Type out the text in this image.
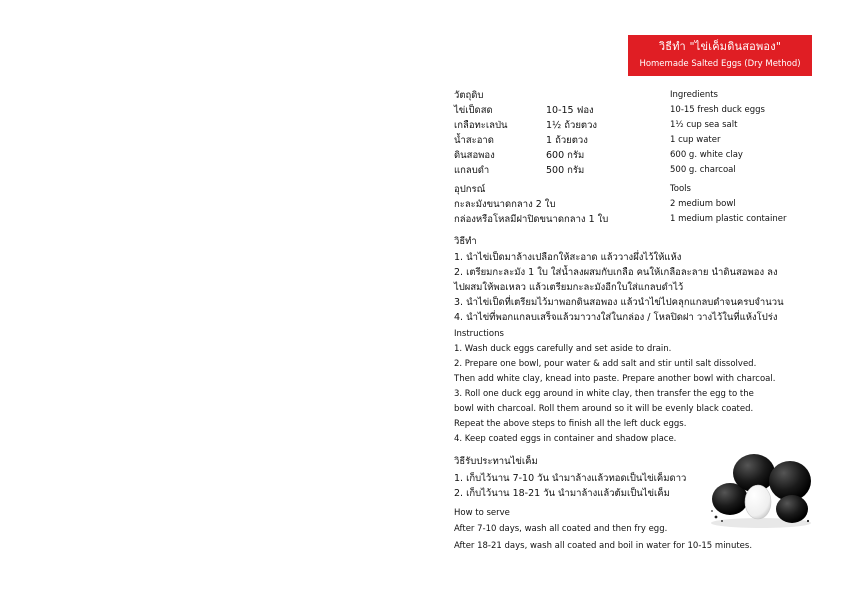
วิธีทำ "ไข่เค็มดินสอพอง"
Homemade Salted Eggs (Dry Method)
วัตถุดิบ
ไข่เป็ดสด	10-15 ฟอง
เกลือทะเลป่น	1½ ถ้วยตวง
น้ำสะอาด	1 ถ้วยตวง
ดินสอพอง	600 กรัม
แกลบดำ	500 กรัม
Ingredients
10-15 fresh duck eggs
1½ cup sea salt
1 cup water
600 g. white clay
500 g. charcoal
อุปกรณ์
กะละมังขนาดกลาง 2 ใบ
กล่องหรือโหลมีฝาปิดขนาดกลาง 1 ใบ
Tools
2 medium bowl
1 medium plastic container
วิธีทำ
1. นำไข่เป็ดมาล้างเปลือกให้สะอาด แล้ววางผึ่งไว้ให้แห้ง
2. เตรียมกะละมัง 1 ใบ ใส่น้ำลงผสมกับเกลือ คนให้เกลือละลาย นำดินสอพอง ลง
ไปผสมให้พอเหลว แล้วเตรียมกะละมังอีกใบใส่แกลบดำไว้
3. นำไข่เป็ดที่เตรียมไว้มาพอกดินสอพอง แล้วนำไข่ไปคลุกแกลบดำจนครบจำนวน
4. นำไข่ที่พอกแกลบเสร็จแล้วมาวางใส่ในกล่อง / โหลปิดฝา วางไว้ในที่แห้งโปร่ง
Instructions
1. Wash duck eggs carefully and set aside to drain.
2. Prepare one bowl, pour water & add salt and stir until salt dissolved.
Then add white clay, knead into paste. Prepare another bowl with charcoal.
3. Roll one duck egg around in white clay, then transfer the egg to the
bowl with charcoal. Roll them around so it will be evenly black coated.
Repeat the above steps to finish all the left duck eggs.
4. Keep coated eggs in container and shadow place.
วิธีรับประทานไข่เค็ม
1. เก็บไว้นาน 7-10 วัน นำมาล้างแล้วทอดเป็นไข่เค็มดาว
2. เก็บไว้นาน 18-21 วัน นำมาล้างแล้วต้มเป็นไข่เค็ม
How to serve
After 7-10 days, wash all coated and then fry egg.
After 18-21 days, wash all coated and boil in water for 10-15 minutes.
